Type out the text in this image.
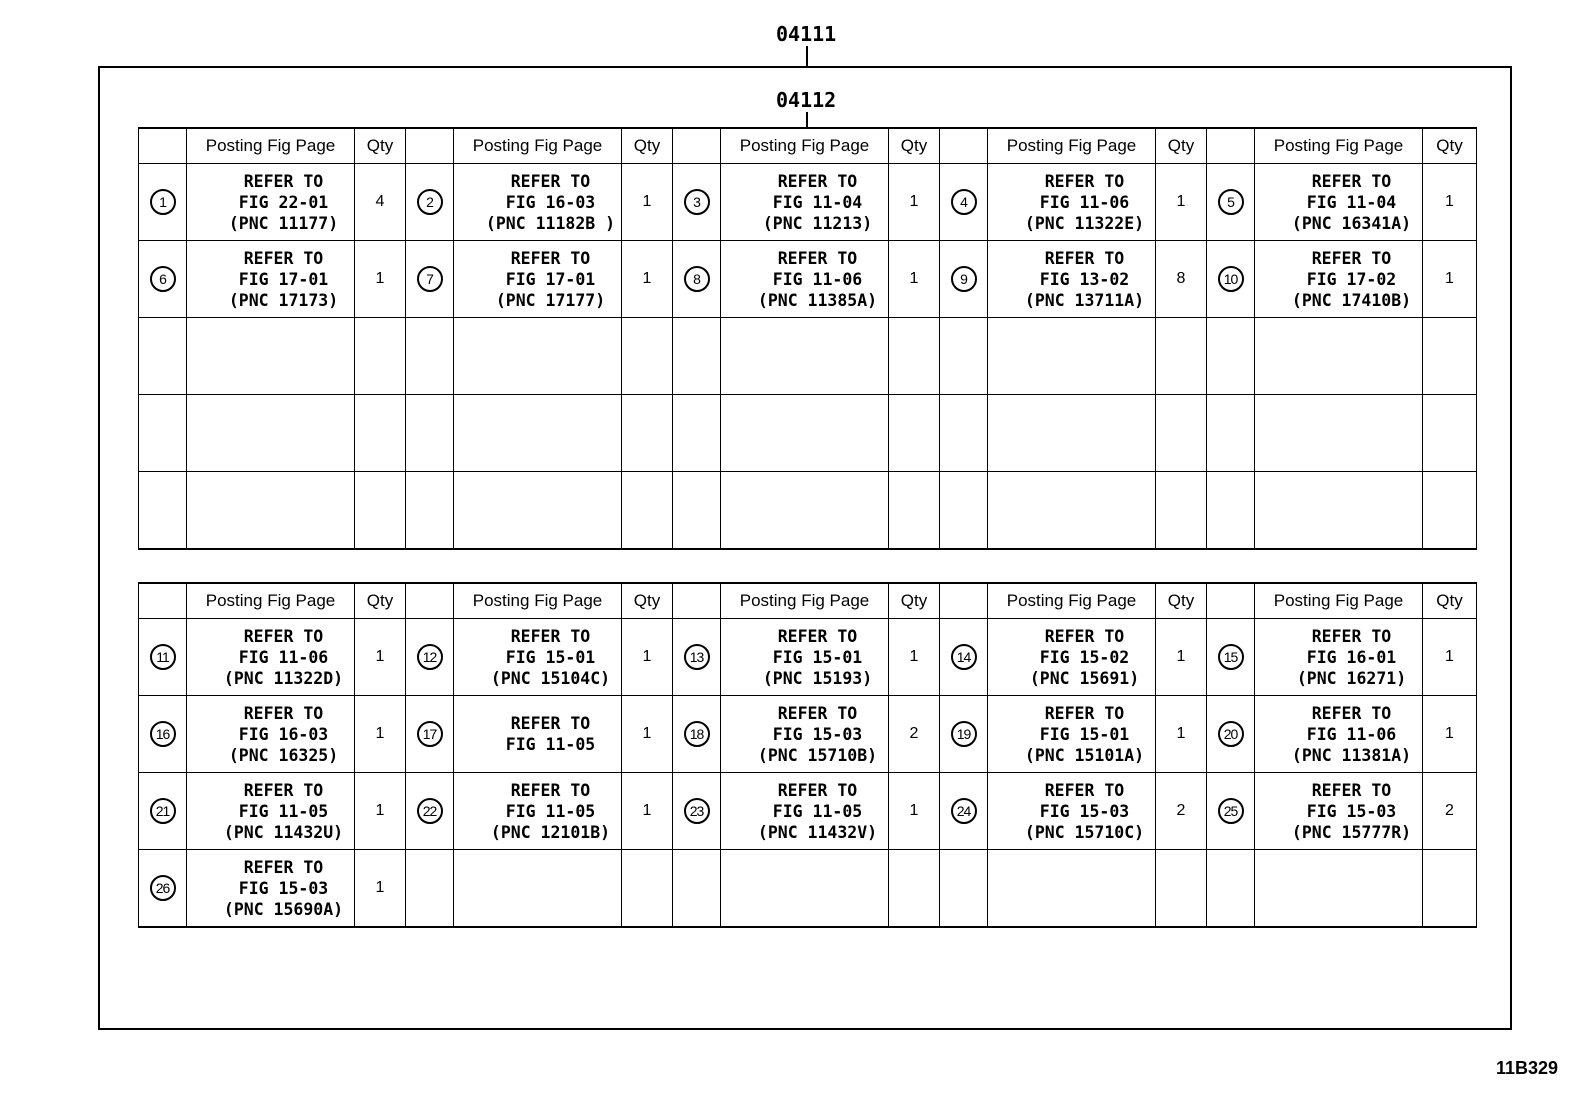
04111
04112
	Posting Fig Page	Qty		Posting Fig Page	Qty		Posting Fig Page	Qty		Posting Fig Page	Qty		Posting Fig Page	Qty
1	REFER TO
FIG 22-01
(PNC 11177)	4	2	REFER TO
FIG 16-03
(PNC 11182B )	1	3	REFER TO
FIG 11-04
(PNC 11213)	1	4	REFER TO
FIG 11-06
(PNC 11322E)	1	5	REFER TO
FIG 11-04
(PNC 16341A)	1
6	REFER TO
FIG 17-01
(PNC 17173)	1	7	REFER TO
FIG 17-01
(PNC 17177)	1	8	REFER TO
FIG 11-06
(PNC 11385A)	1	9	REFER TO
FIG 13-02
(PNC 13711A)	8	10	REFER TO
FIG 17-02
(PNC 17410B)	1

	Posting Fig Page	Qty		Posting Fig Page	Qty		Posting Fig Page	Qty		Posting Fig Page	Qty		Posting Fig Page	Qty
11	REFER TO
FIG 11-06
(PNC 11322D)	1	12	REFER TO
FIG 15-01
(PNC 15104C)	1	13	REFER TO
FIG 15-01
(PNC 15193)	1	14	REFER TO
FIG 15-02
(PNC 15691)	1	15	REFER TO
FIG 16-01
(PNC 16271)	1
16	REFER TO
FIG 16-03
(PNC 16325)	1	17	REFER TO
FIG 11-05	1	18	REFER TO
FIG 15-03
(PNC 15710B)	2	19	REFER TO
FIG 15-01
(PNC 15101A)	1	20	REFER TO
FIG 11-06
(PNC 11381A)	1
21	REFER TO
FIG 11-05
(PNC 11432U)	1	22	REFER TO
FIG 11-05
(PNC 12101B)	1	23	REFER TO
FIG 11-05
(PNC 11432V)	1	24	REFER TO
FIG 15-03
(PNC 15710C)	2	25	REFER TO
FIG 15-03
(PNC 15777R)	2
26	REFER TO
FIG 15-03
(PNC 15690A)	1												
11B329
